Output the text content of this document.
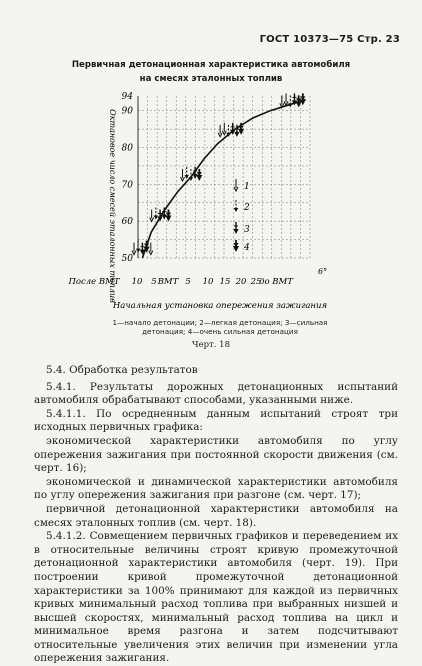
ГОСТ 10373—75 Стр. 23
Первичная детонационная характеристика автомобиля
на смесях эталонных топлив
50
60
70
80
90
94
После ВМТ 10 5 ВМТ 5 10 15 20 25
до ВМТ
1
2
3
4
Октановое число смесей эталонных топлив
Начальная установка опережения зажигания
6°
1—начало детонации; 2—легкая детонация; 3—сильная
детонация; 4—очень сильная детонация
Черт. 18

5.4. Обработка результатов

5.4.1. Результаты дорожных детонационных испытаний автомобиля обрабатывают способами, указанными ниже.

5.4.1.1. По осредненным данным испытаний строят три исходных первичных графика:

экономической характеристики автомобиля по углу опережения зажигания при постоянной скорости движения (см. черт. 16);

экономической и динамической характеристики автомобиля по углу опережения зажигания при разгоне (см. черт. 17);

первичной детонационной характеристики автомобиля на смесях эталонных топлив (см. черт. 18).

5.4.1.2. Совмещением первичных графиков и переведением их в относительные величины строят кривую промежуточной детонационной характеристики автомобиля (черт. 19). При построении кривой промежуточной детонационной характеристики за 100% принимают для каждой из первичных кривых минимальный расход топлива при выбранных низшей и высшей скоростях, минимальный расход топлива на цикл и минимальное время разгона и затем подсчитывают относительные увеличения этих величин при изменении угла опережения зажигания.
